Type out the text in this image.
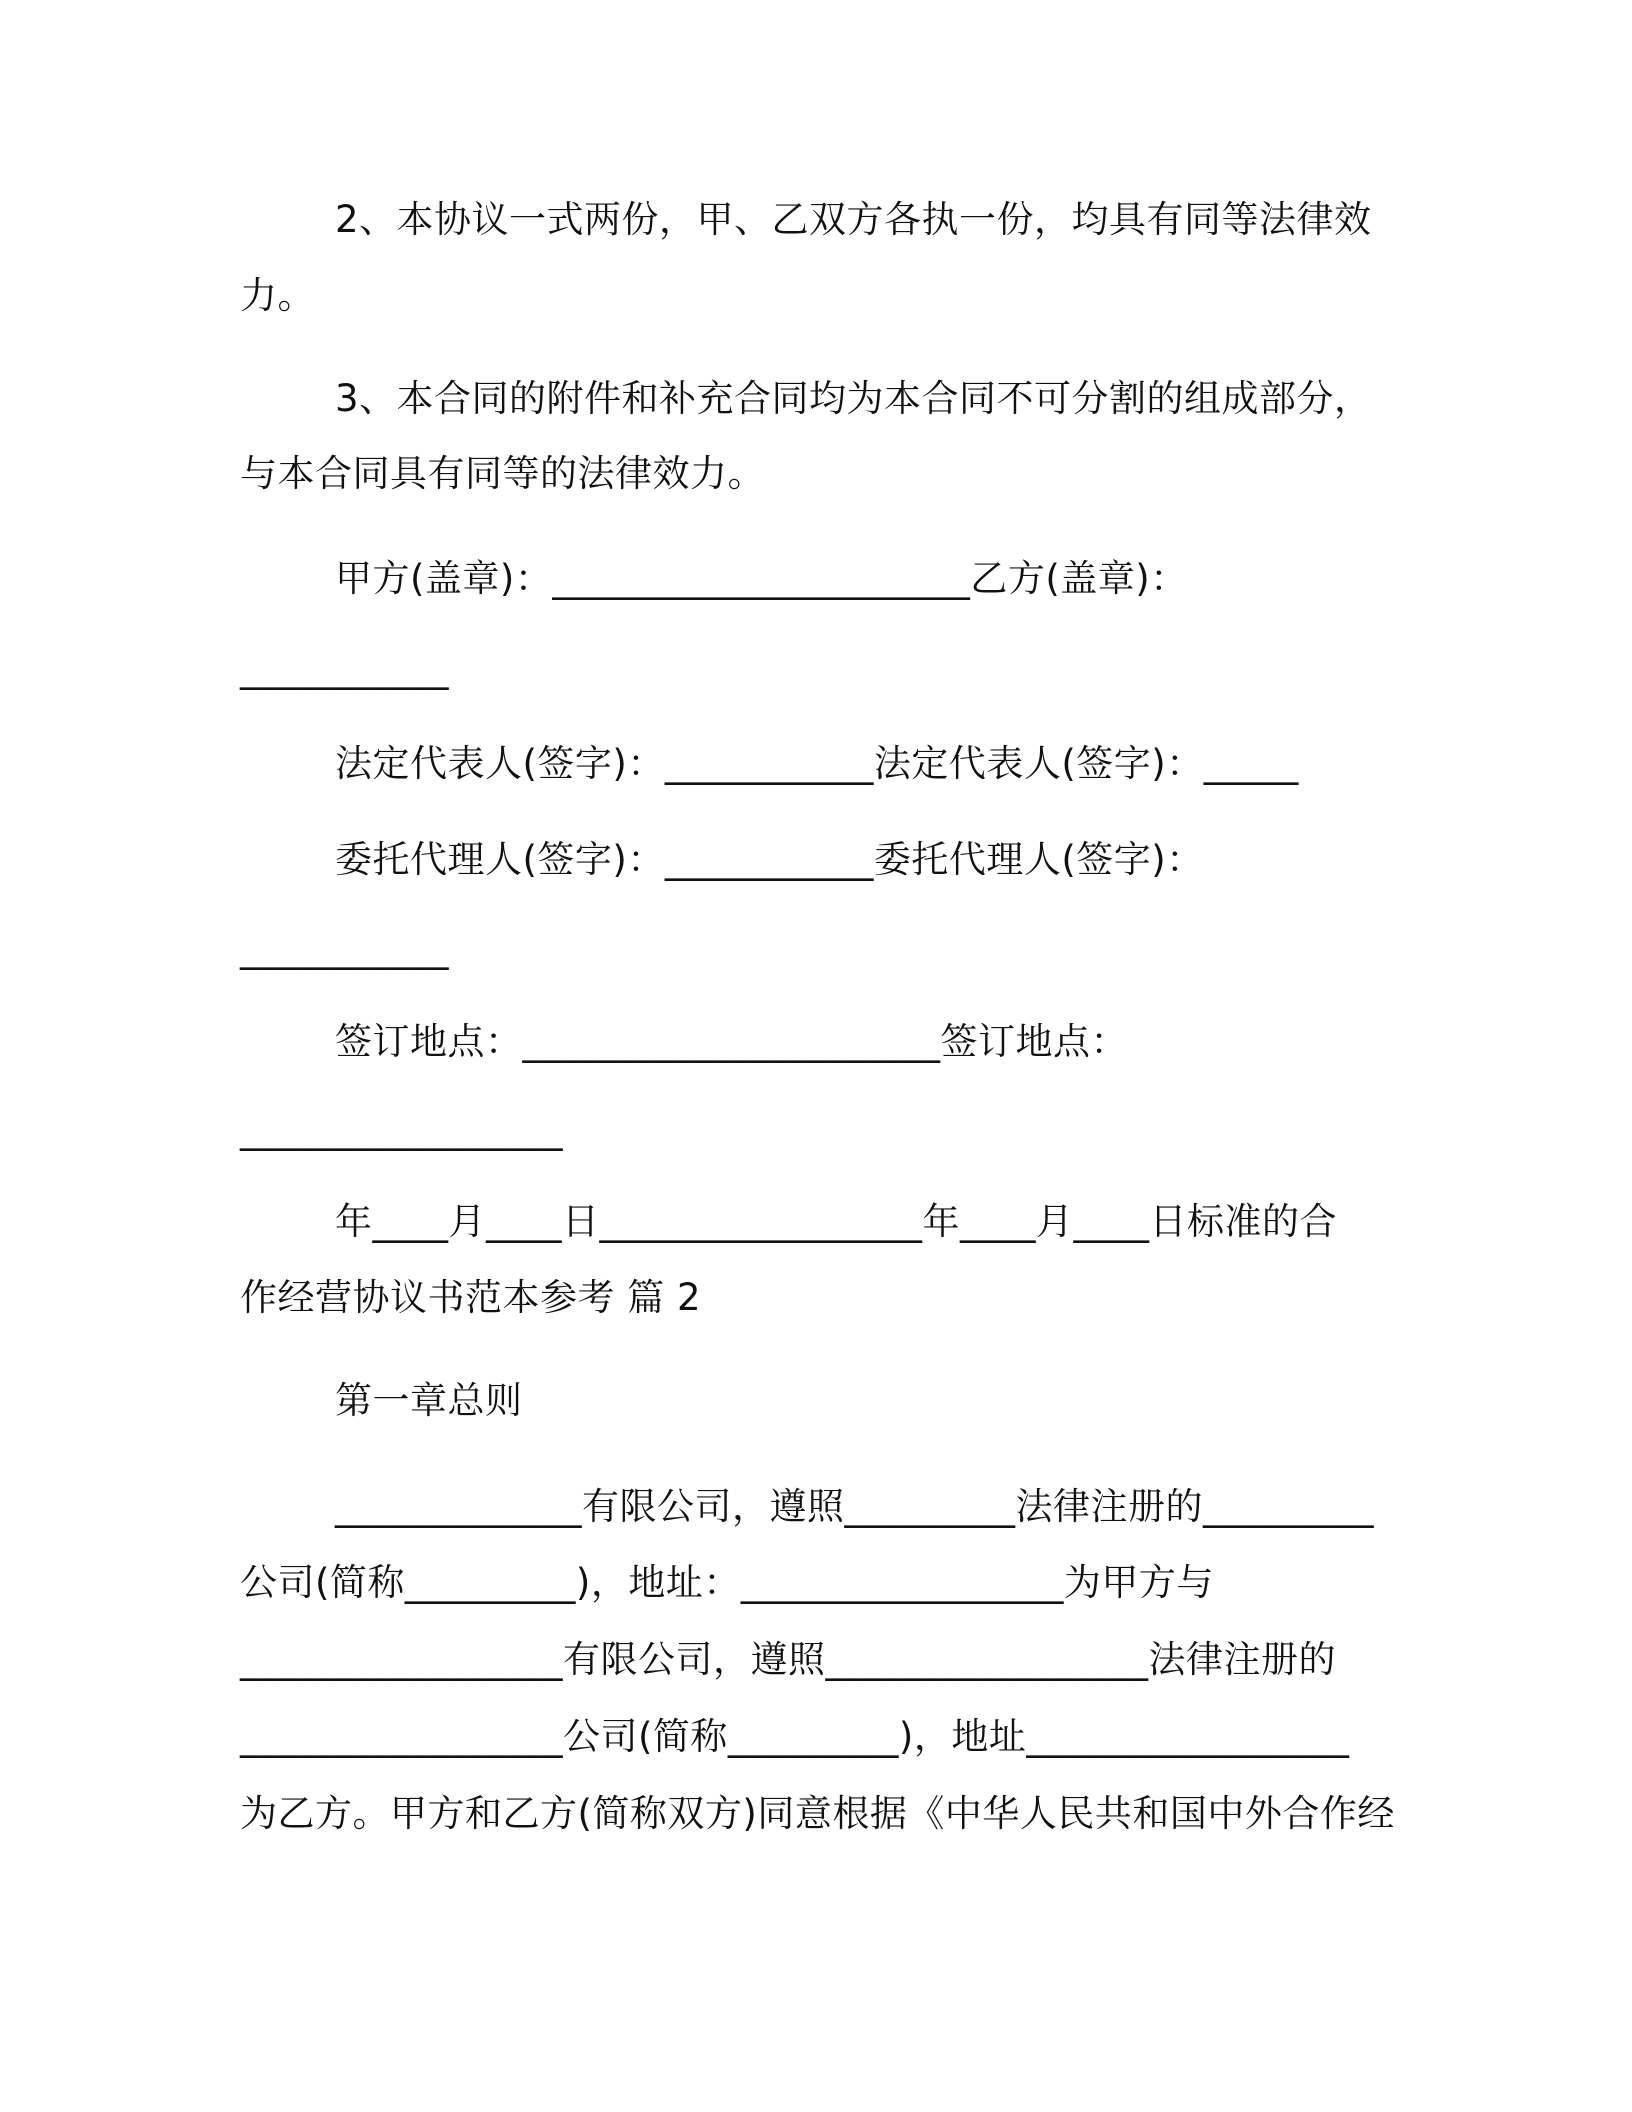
2、本协议一式两份，甲、乙双方各执一份，均具有同等法律效
力。
3、本合同的附件和补充合同均为本合同不可分割的组成部分，
与本合同具有同等的法律效力。
甲方(盖章)：______________________乙方(盖章)：
___________
法定代表人(签字)：___________法定代表人(签字)：_____
委托代理人(签字)：___________委托代理人(签字)：
___________
签订地点：______________________签订地点：
_________________
年____月____日_________________年____月____日标准的合
作经营协议书范本参考 篇 2
第一章总则
_____________有限公司，遵照_________法律注册的_________
公司(简称_________)，地址：_________________为甲方与
_________________有限公司，遵照_________________法律注册的
_________________公司(简称_________)，地址_________________
为乙方。甲方和乙方(简称双方)同意根据《中华人民共和国中外合作经
